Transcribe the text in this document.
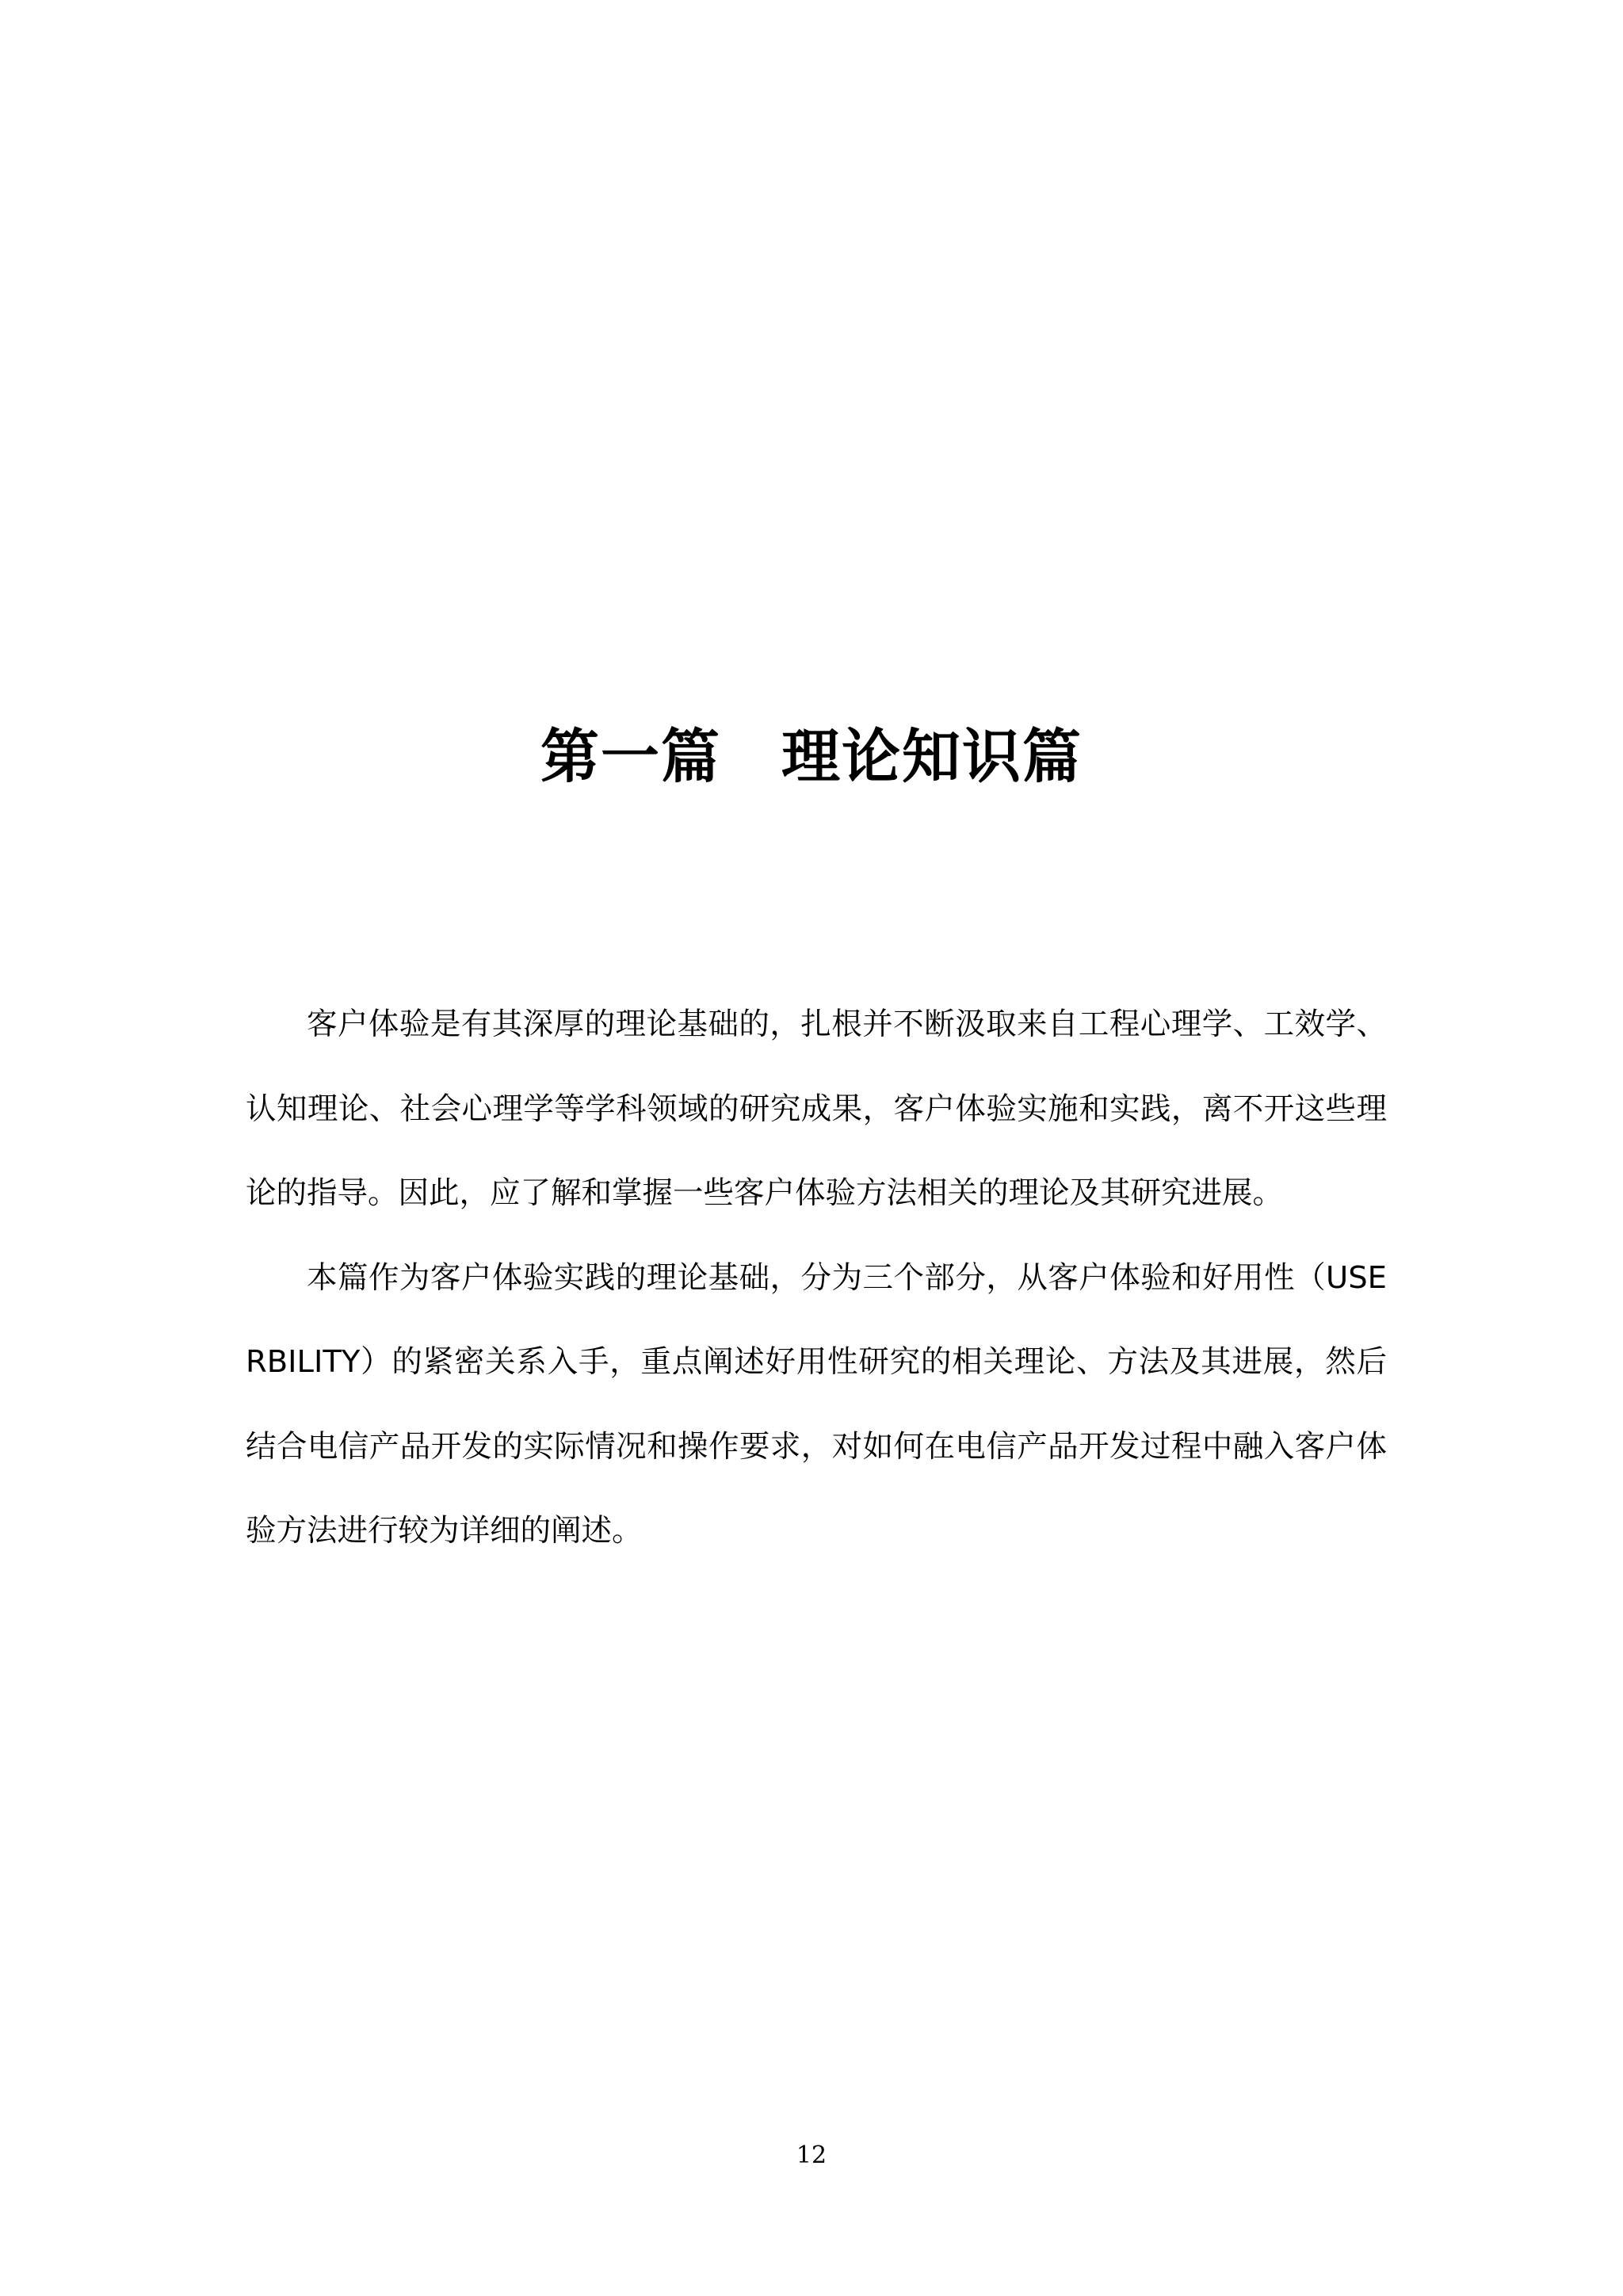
第一篇　理论知识篇

客户体验是有其深厚的理论基础的，扎根并不断汲取来自工程心理学、工效学、认知理论、社会心理学等学科领域的研究成果，客户体验实施和实践，离不开这些理论的指导。因此，应了解和掌握一些客户体验方法相关的理论及其研究进展。

本篇作为客户体验实践的理论基础，分为三个部分，从客户体验和好用性（USERBILITY）的紧密关系入手，重点阐述好用性研究的相关理论、方法及其进展，然后结合电信产品开发的实际情况和操作要求，对如何在电信产品开发过程中融入客户体验方法进行较为详细的阐述。

12
